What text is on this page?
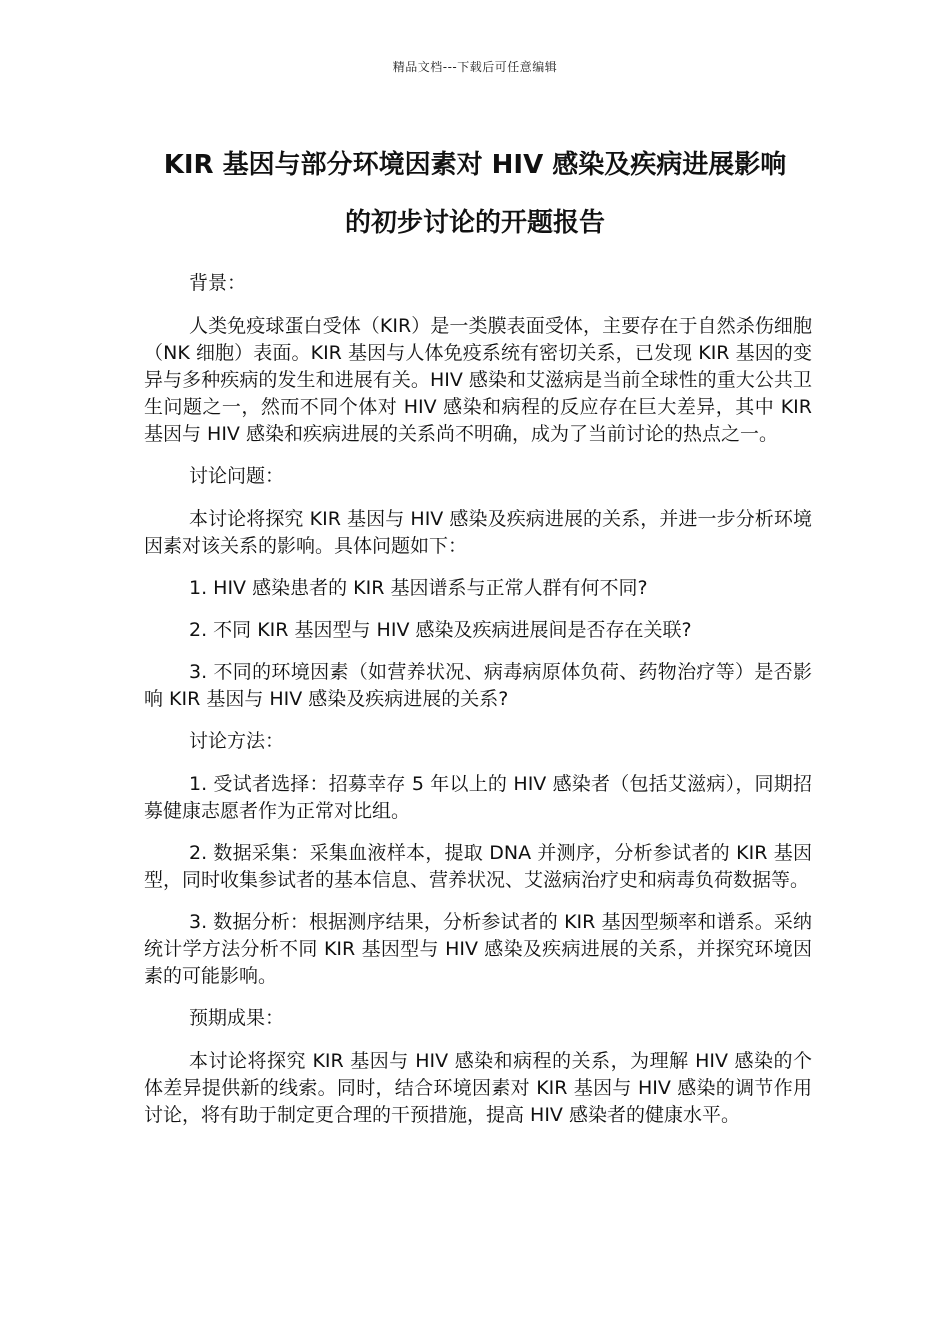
精品文档---下载后可任意编辑
KIR 基因与部分环境因素对 HIV 感染及疾病进展影响
的初步讨论的开题报告

背景：

人类免疫球蛋白受体（KIR）是一类膜表面受体，主要存在于自然杀伤细胞（NK 细胞）表面。KIR 基因与人体免疫系统有密切关系，已发现 KIR 基因的变异与多种疾病的发生和进展有关。HIV 感染和艾滋病是当前全球性的重大公共卫生问题之一，然而不同个体对 HIV 感染和病程的反应存在巨大差异，其中 KIR 基因与 HIV 感染和疾病进展的关系尚不明确，成为了当前讨论的热点之一。

讨论问题：

本讨论将探究 KIR 基因与 HIV 感染及疾病进展的关系，并进一步分析环境因素对该关系的影响。具体问题如下：

1. HIV 感染患者的 KIR 基因谱系与正常人群有何不同?

2. 不同 KIR 基因型与 HIV 感染及疾病进展间是否存在关联?

3. 不同的环境因素（如营养状况、病毒病原体负荷、药物治疗等）是否影响 KIR 基因与 HIV 感染及疾病进展的关系?

讨论方法：

1. 受试者选择：招募幸存 5 年以上的 HIV 感染者（包括艾滋病），同期招募健康志愿者作为正常对比组。

2. 数据采集：采集血液样本，提取 DNA 并测序，分析参试者的 KIR 基因型，同时收集参试者的基本信息、营养状况、艾滋病治疗史和病毒负荷数据等。

3. 数据分析：根据测序结果，分析参试者的 KIR 基因型频率和谱系。采纳统计学方法分析不同 KIR 基因型与 HIV 感染及疾病进展的关系，并探究环境因素的可能影响。

预期成果：

本讨论将探究 KIR 基因与 HIV 感染和病程的关系，为理解 HIV 感染的个体差异提供新的线索。同时，结合环境因素对 KIR 基因与 HIV 感染的调节作用讨论，将有助于制定更合理的干预措施，提高 HIV 感染者的健康水平。
